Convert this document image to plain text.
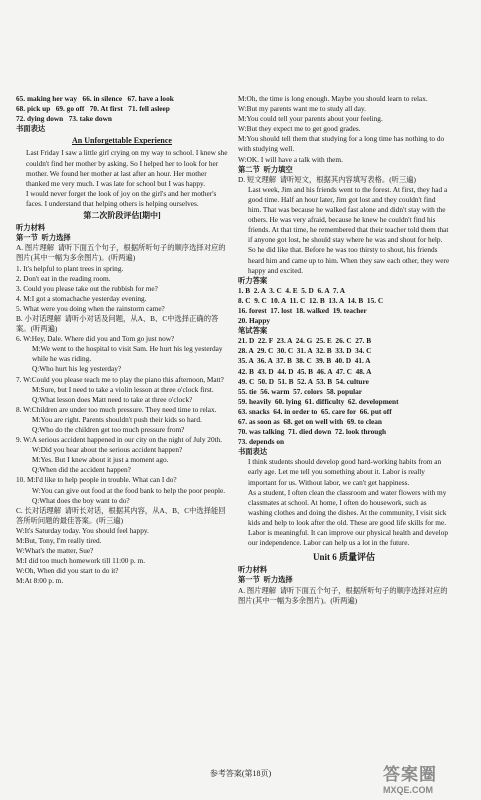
65. making her way   66. in silence   67. have a look
68. pick up   69. go off   70. At first   71. fell asleep
72. dying down   73. take down
书面表达
An Unforgettable Experience
Last Friday I saw a little girl crying on my way to school. I knew she couldn't find her mother by asking. So I helped her to look for her mother. We found her mother at last after an hour. Her mother thanked me very much. I was late for school but I was happy.
I would never forget the look of joy on the girl's and her mother's faces. I understand that helping others is helping ourselves.
第二次阶段评估[期中]
听力材料
第一节  听力选择
A. 图片理解  请听下面五个句子，根据所听句子的顺序选择对应的图片(其中一幅为多余图片)。(听两遍)
1. It's helpful to plant trees in spring.
2. Don't eat in the reading room.
3. Could you please take out the rubbish for me?
4. M:I got a stomachache yesterday evening.
5. What were you doing when the rainstorm came?
B. 小对话理解  请听小对话及问题，从A、B、C中选择正确的答案。(听两遍)
6. W:Hey, Dale. Where did you and Tom go just now?
M:We went to the hospital to visit Sam. He hurt his leg yesterday while he was riding.
Q:Who hurt his leg yesterday?
7. W:Could you please teach me to play the piano this afternoon, Matt?
M:Sure, but I need to take a violin lesson at three o'clock first.
Q:What lesson does Matt need to take at three o'clock?
8. W:Children are under too much pressure. They need time to relax.
M:You are right. Parents shouldn't push their kids so hard.
Q:Who do the children get too much pressure from?
9. W:A serious accident happened in our city on the night of July 20th.
W:Did you hear about the serious accident happen?
M:Yes. But I knew about it just a moment ago.
Q:When did the accident happen?
10. M:I'd like to help people in trouble. What can I do?
W:You can give out food at the food bank to help the poor people.
Q:What does the boy want to do?
C. 长对话理解  请听长对话，根据其内容，从A、B、C中选择能回答所听问题的最佳答案。(听三遍)
W:It's Saturday today. You should feel happy.
M:But, Tony, I'm really tired.
W:What's the matter, Sue?
M:I did too much homework till 11:00 p. m.
W:Oh, When did you start to do it?
M:At 8:00 p. m.
M:Oh, the time is long enough. Maybe you should learn to relax.
W:But my parents want me to study all day.
M:You could tell your parents about your feeling.
W:But they expect me to get good grades.
M:You should tell them that studying for a long time has nothing to do with studying well.
W:OK. I will have a talk with them.
第二节  听力填空
D. 短文理解  请听短文，根据其内容填写表格。(听三遍)
Last week, Jim and his friends went to the forest. At first, they had a good time. Half an hour later, Jim got lost and they couldn't find him. That was because he walked fast alone and didn't stay with the others. He was very afraid, because he knew he couldn't find his friends. At that time, he remembered that their teacher told them that if anyone got lost, he should stay where he was and shout for help. So he did like that. Before he was too thirsty to shout, his friends heard him and came up to him. When they saw each other, they were happy and excited.
听力答案
1. B  2. A  3. C  4. E  5. D  6. A  7. A
8. C  9. C  10. A  11. C  12. B  13. A  14. B  15. C
16. forest  17. lost  18. walked  19. teacher
20. Happy
笔试答案
21. D  22. F  23. A  24. G  25. E  26. C  27. B
28. A  29. C  30. C  31. A  32. B  33. D  34. C
35. A  36. A  37. B  38. C  39. B  40. D  41. A
42. B  43. D  44. D  45. B  46. A  47. C  48. A
49. C  50. D  51. B  52. A  53. B  54. culture
55. tie  56. warm  57. colors  58. popular
59. heavily  60. lying  61. difficulty  62. development
63. snacks  64. in order to  65. care for  66. put off
67. as soon as  68. get on well with  69. to clean
70. was talking  71. died down  72. look through
73. depends on
书面表达
I think students should develop good hard-working habits from an early age. Let me tell you something about it. Labor is really important for us. Without labor, we can't get happiness.
As a student, I often clean the classroom and water flowers with my classmates at school. At home, I often do housework, such as washing clothes and doing the dishes. At the community, I visit sick kids and help to look after the old. These are good life skills for me.
Labor is meaningful. It can improve our physical health and develop our independence. Labor can help us a lot in the future.
Unit 6 质量评估
听力材料
第一节  听力选择
A. 图片理解  请听下面五个句子，根据所听句子的顺序选择对应的图片(其中一幅为多余图片)。(听两遍)
参考答案(第18页)	答案圈
MXQE.COM
